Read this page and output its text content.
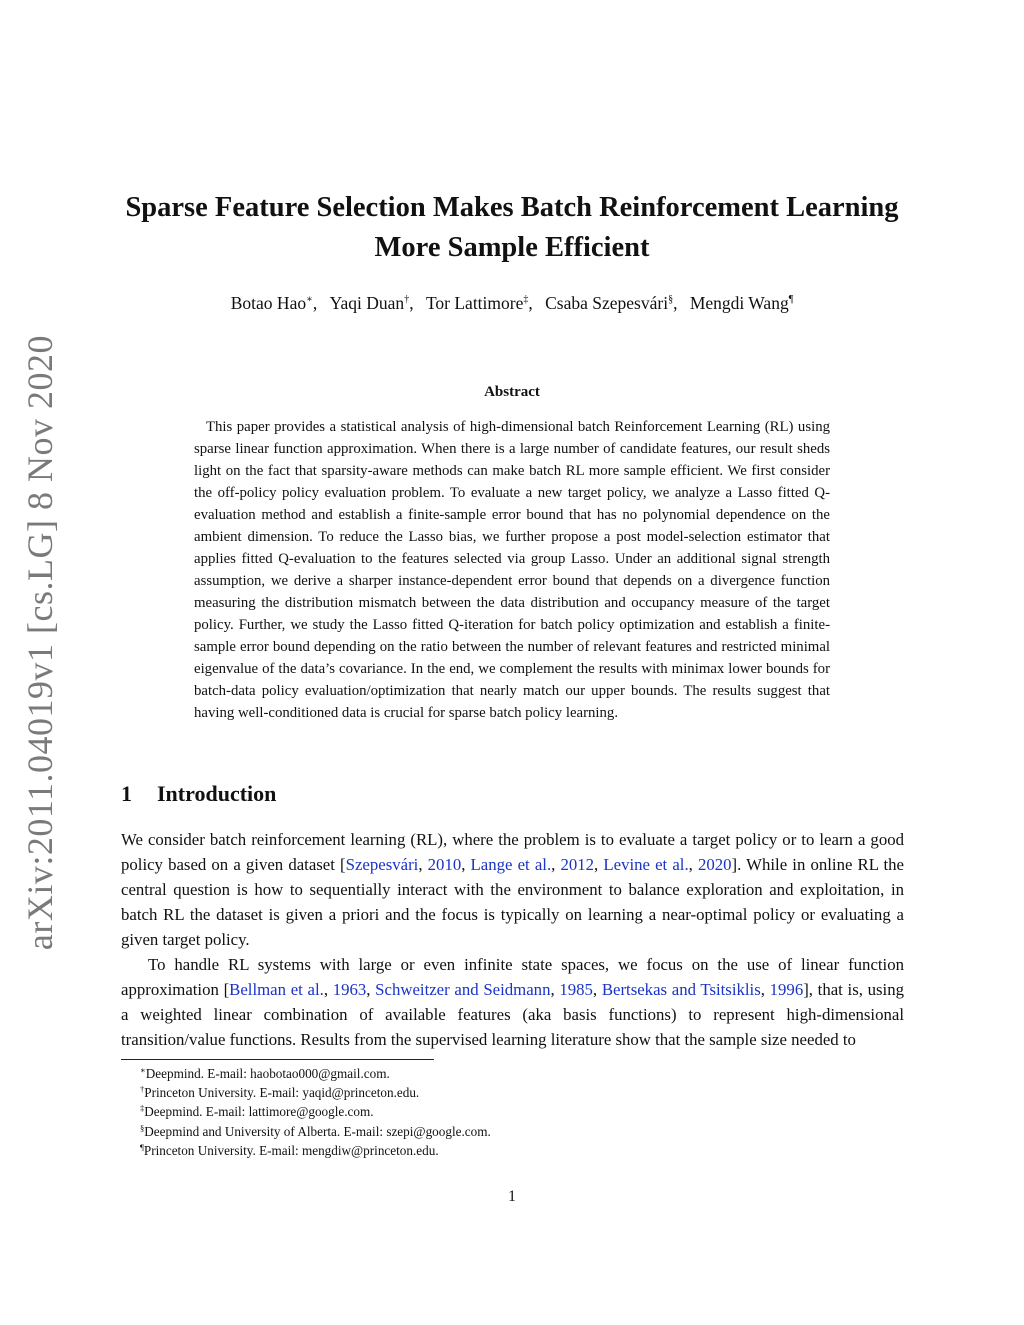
arXiv:2011.04019v1 [cs.LG] 8 Nov 2020
Sparse Feature Selection Makes Batch Reinforcement Learning
More Sample Efficient
Botao Hao∗, Yaqi Duan†, Tor Lattimore‡, Csaba Szepesvári§, Mengdi Wang¶
Abstract

This paper provides a statistical analysis of high-dimensional batch Reinforcement Learning (RL) using sparse linear function approximation. When there is a large number of candidate features, our result sheds light on the fact that sparsity-aware methods can make batch RL more sample efficient. We first consider the off-policy policy evaluation problem. To evaluate a new target policy, we analyze a Lasso fitted Q-evaluation method and establish a finite-sample error bound that has no polynomial dependence on the ambient dimension. To reduce the Lasso bias, we further propose a post model-selection estimator that applies fitted Q-evaluation to the features selected via group Lasso. Under an additional signal strength assumption, we derive a sharper instance-dependent error bound that depends on a divergence function measuring the distribution mismatch between the data distribution and occupancy measure of the target policy. Further, we study the Lasso fitted Q-iteration for batch policy optimization and establish a finite-sample error bound depending on the ratio between the number of relevant features and restricted minimal eigenvalue of the data’s covariance. In the end, we complement the results with minimax lower bounds for batch-data policy evaluation/optimization that nearly match our upper bounds. The results suggest that having well-conditioned data is crucial for sparse batch policy learning.

1 Introduction

We consider batch reinforcement learning (RL), where the problem is to evaluate a target policy or to learn a good policy based on a given dataset [Szepesvári, 2010, Lange et al., 2012, Levine et al., 2020]. While in online RL the central question is how to sequentially interact with the environment to balance exploration and exploitation, in batch RL the dataset is given a priori and the focus is typically on learning a near-optimal policy or evaluating a given target policy.

To handle RL systems with large or even infinite state spaces, we focus on the use of linear function approximation [Bellman et al., 1963, Schweitzer and Seidmann, 1985, Bertsekas and Tsitsiklis, 1996], that is, using a weighted linear combination of available features (aka basis functions) to represent high-dimensional transition/value functions. Results from the supervised learning literature show that the sample size needed to

∗Deepmind. E-mail: haobotao000@gmail.com.
†Princeton University. E-mail: yaqid@princeton.edu.
‡Deepmind. E-mail: lattimore@google.com.
§Deepmind and University of Alberta. E-mail: szepi@google.com.
¶Princeton University. E-mail: mengdiw@princeton.edu.
1
